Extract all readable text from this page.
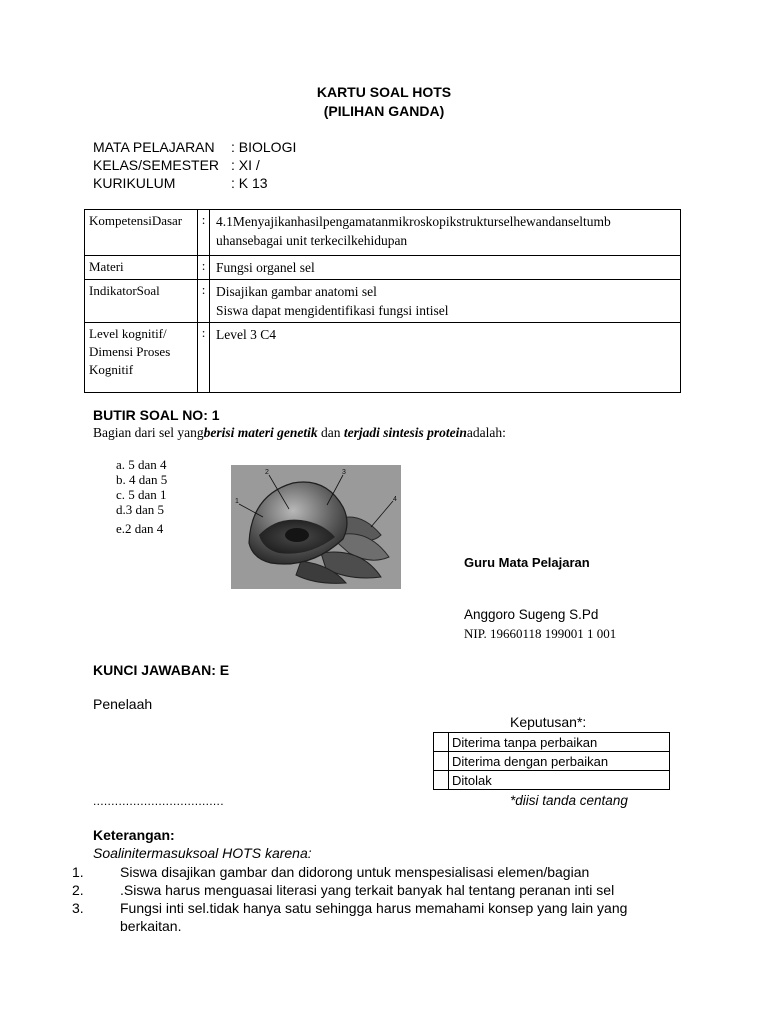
KARTU SOAL HOTS
(PILIHAN GANDA)
MATA PELAJARAN : BIOLOGI
KELAS/SEMESTER : XI /
KURIKULUM	: K 13
KompetensiDasar	:	4.1Menyajikanhasilpengamatanmikroskopikstrukturselhewandanseltumb
uhansebagai unit terkecilkehidupan

Materi	:	Fungsi organel sel

IndikatorSoal	:	Disajikan gambar anatomi sel
Siswa dapat mengidentifikasi fungsi intisel

Level kognitif/ Dimensi Proses Kognitif	:	Level 3 C4
BUTIR SOAL NO: 1
Bagian dari sel yangberisi materi genetik dan terjadi sintesis proteinadalah:
a. 5 dan 4
b. 4 dan 5
c. 5 dan 1
d.3 dan 5
e.2 dan 4
1
2	3
4
Guru Mata Pelajaran
Anggoro Sugeng S.Pd
NIP. 19660118 199001 1 001
KUNCI JAWABAN: E
Penelaah
....................................
Keputusan*:
	Diterima tanpa perbaikan
	Diterima dengan perbaikan
	Ditolak
*diisi tanda centang
Keterangan:
Soalinitermasuksoal HOTS karena:
1.	Siswa disajikan gambar dan didorong untuk menspesialisasi elemen/bagian
2.	.Siswa harus menguasai literasi yang terkait banyak hal tentang peranan inti sel
3.	Fungsi inti sel.tidak hanya satu sehingga harus memahami konsep yang lain yang berkaitan.
